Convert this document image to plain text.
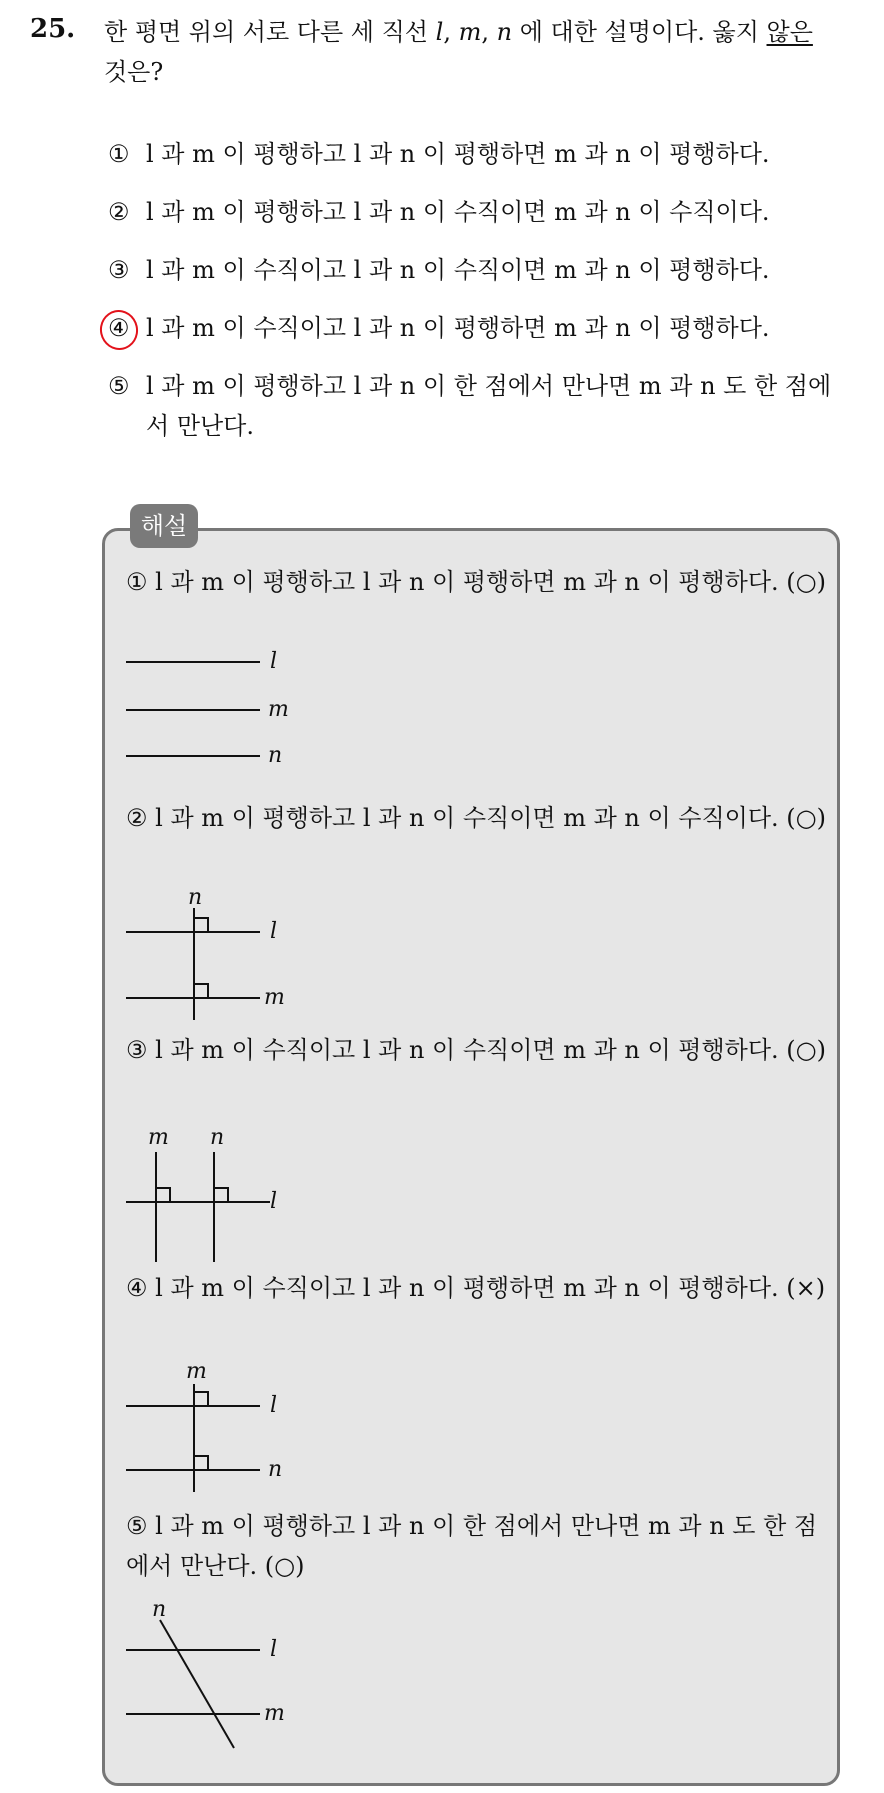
25. 한 평면 위의 서로 다른 세 직선 l, m, n 에 대한 설명이다. 옳지 않은
것은?
① l 과 m 이 평행하고 l 과 n 이 평행하면 m 과 n 이 평행하다.
② l 과 m 이 평행하고 l 과 n 이 수직이면 m 과 n 이 수직이다.
③ l 과 m 이 수직이고 l 과 n 이 수직이면 m 과 n 이 평행하다.
④ l 과 m 이 수직이고 l 과 n 이 평행하면 m 과 n 이 평행하다.
⑤ l 과 m 이 평행하고 l 과 n 이 한 점에서 만나면 m 과 n 도 한 점에서 만난다.
해설
① l 과 m 이 평행하고 l 과 n 이 평행하면 m 과 n 이 평행하다. (○)
l
m
n
② l 과 m 이 평행하고 l 과 n 이 수직이면 m 과 n 이 수직이다. (○)
n
l
m
③ l 과 m 이 수직이고 l 과 n 이 수직이면 m 과 n 이 평행하다. (○)
m n
l
④ l 과 m 이 수직이고 l 과 n 이 평행하면 m 과 n 이 평행하다. (×)
m
l
n
⑤ l 과 m 이 평행하고 l 과 n 이 한 점에서 만나면 m 과 n 도 한 점에서 만난다. (○)
n
l
m
